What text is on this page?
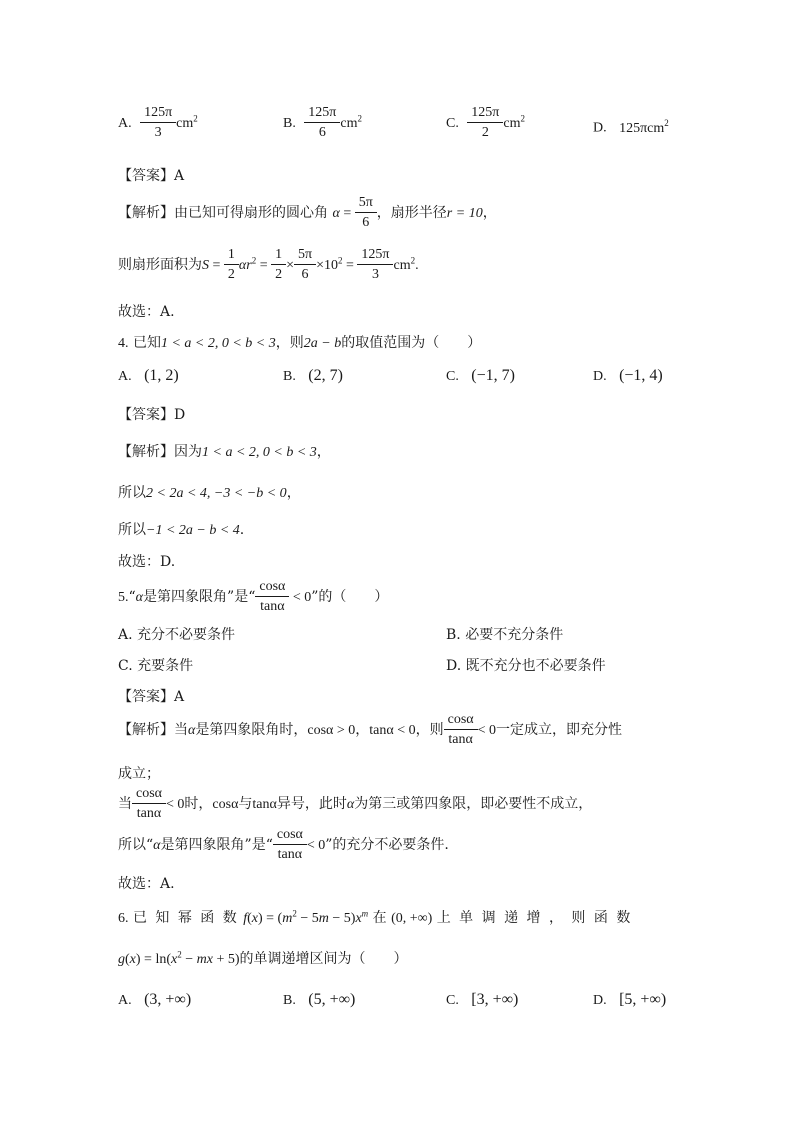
A. $\frac{125\pi}{3} cm^2$	B. $\frac{125\pi}{6} cm^2$	C. $\frac{125\pi}{2} cm^2$
D. 125πcm$^2$
【答案】A
【解析】由已知可得扇形的圆心角 $\alpha = \frac{5\pi}{6}$ ，扇形半径r = 10，
则扇形面积为$S = \frac{1}{2} \alpha r^2 = \frac{1}{2} \times \frac{5\pi}{6} \times 10^2 = \frac{125\pi}{3} cm^2$.
故选：A.
4. 已知1 < a < 2, 0 < b < 3，则2a − b的取值范围为（　　）
A. (1, 2)	B. (2, 7)	C. (−1, 7)	D. (−1, 4)
【答案】D
【解析】因为1 < a < 2, 0 < b < 3，
所以2 < 2a < 4, −3 < −b < 0，
所以−1 < 2a − b < 4.
故选：D.
5.“α是第四象限角”是“ $\frac{\cos\alpha}{\tan\alpha} < 0$”的（　　）
A. 充分不必要条件	B. 必要不充分条件
C. 充要条件	D. 既不充分也不必要条件
【答案】A
【解析】当α是第四象限角时，cosα > 0，tanα < 0，则 $\frac{\cos\alpha}{\tan\alpha} < 0$一定成立，即充分性
成立；
当 $\frac{\cos\alpha}{\tan\alpha} < 0$时，cosα与tanα异号，此时α为第三或第四象限，即必要性不成立，
所以“α是第四象限角”是“ $\frac{\cos\alpha}{\tan\alpha} < 0$”的充分不必要条件.
故选：A.
6. 已 知 幂 函 数 $f(x) = (m^2 - 5m - 5)x^m$ 在 (0, +∞) 上 单 调 递 增 ， 则 函 数
$g(x) = \ln(x^2$ − mx + 5)的单调递增区间为（　　）
A. (3, +∞)	B. (5, +∞)	C. [3, +∞)	D. [5, +∞)
